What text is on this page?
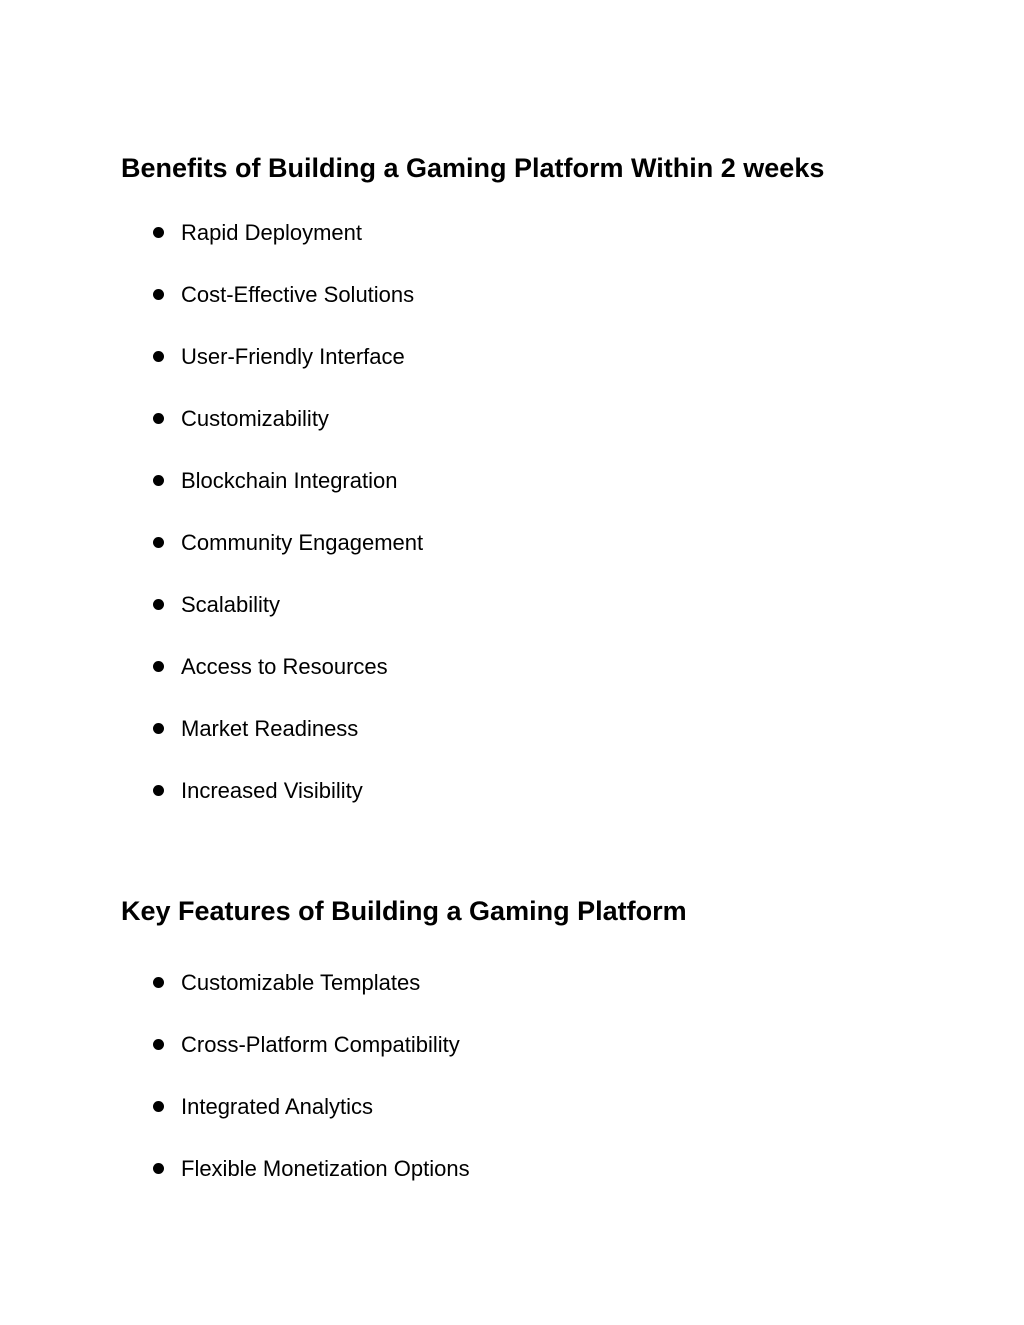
Benefits of Building a Gaming Platform Within 2 weeks
Rapid Deployment
Cost-Effective Solutions
User-Friendly Interface
Customizability
Blockchain Integration
Community Engagement
Scalability
Access to Resources
Market Readiness
Increased Visibility
Key Features of Building a Gaming Platform
Customizable Templates
Cross-Platform Compatibility
Integrated Analytics
Flexible Monetization Options
